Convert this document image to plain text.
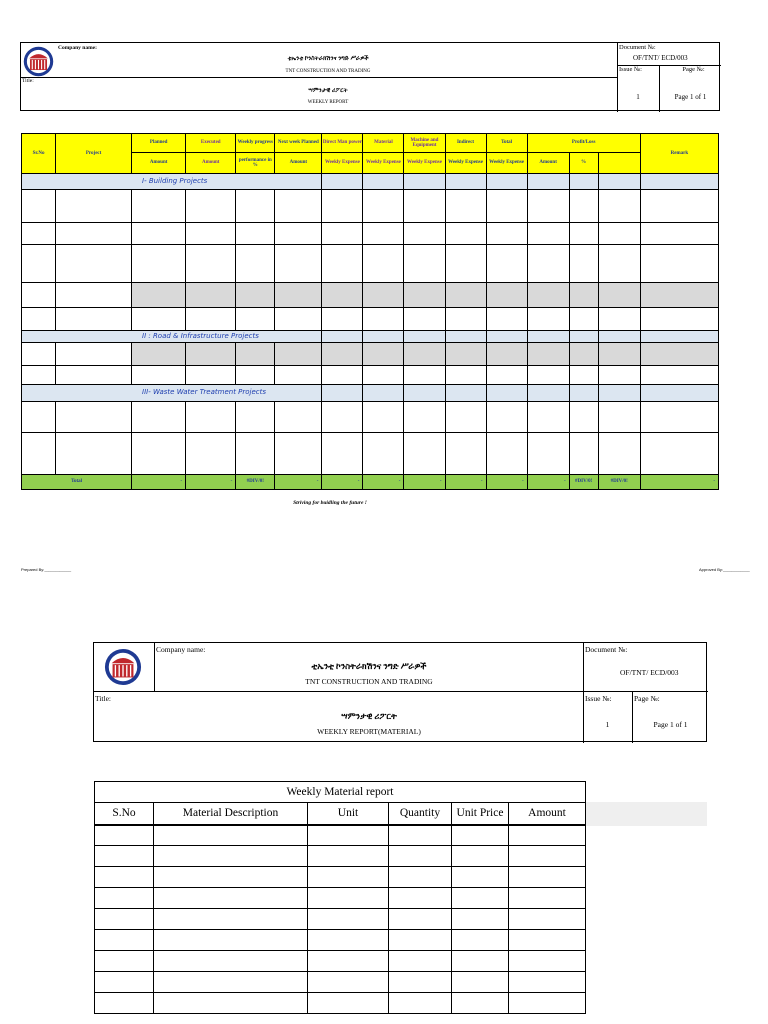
Company name:
ቲኤንቲ ኮንስትራክሽንና ንግድ ሥራዎች
TNT CONSTRUCTION AND TRADING
Title:
ሣምንታዊ ሪፖርት
WEEKLY REPORT
Document №:
OF/TNT/ ECD/003
Issue №:	Page №:
1	Page 1 of 1
Sr.No	Project	Planned	Executed	Weekly progress	Next week Planned	Direct Man power	Material	Machine and Equipment	Indirect	Total	Profit/Loss			Remark
		Amount	Amount	performance in %	Amount	Weekly Expense	Weekly Expense	Weekly Expense	Weekly Expense	Weekly Expense	Amount	%		
I- Building Projects														

II : Road & Infrastructure Projects														

III- Waste Water Treatment Projects														

Total		-	-	#DIV/0!	-	-	-	-	-	-	-	#DIV/0!	#DIV/0!	-
Striving for buidling the future !
Prepared By:____________	Approved By:____________
Company name:
ቲኤንቲ ኮንስትራክሽንና ንግድ ሥራዎች
TNT CONSTRUCTION AND TRADING
Title:
ሣምንታዊ ሪፖርት
WEEKLY REPORT(MATERIAL)
Document №:
OF/TNT/ ECD/003
Issue №:	Page №:
1	Page 1 of 1
Weekly Material report					
S.No	Material Description	Unit	Quantity	Unit Price	Amount
